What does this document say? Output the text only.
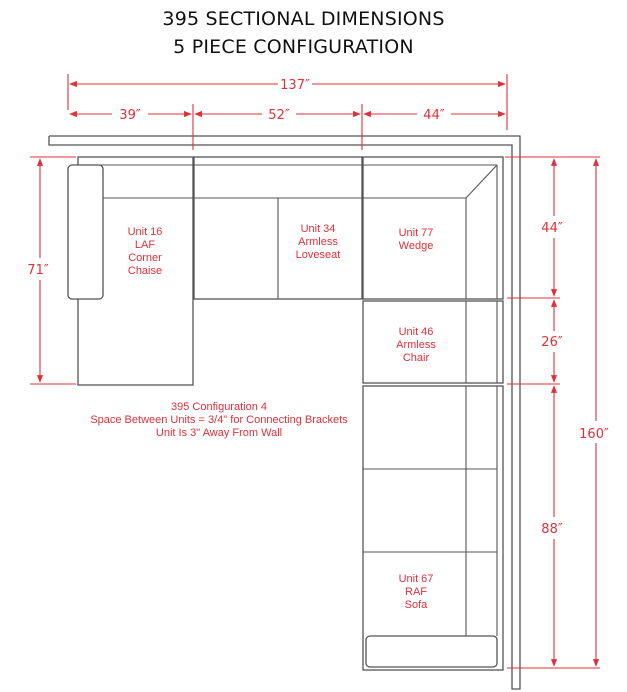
395 SECTIONAL DIMENSIONS
5 PIECE CONFIGURATION
137″
39″	52″	44″
71″
44″
26″
88″
160″
Unit 16
LAF
Corner
Chaise
Unit 34
Armless
Loveseat
Unit 77
Wedge
Unit 46
Armless
Chair
Unit 67
RAF
Sofa
395 Configuration 4
Space Between Units = 3/4" for Connecting Brackets
Unit Is 3" Away From Wall
